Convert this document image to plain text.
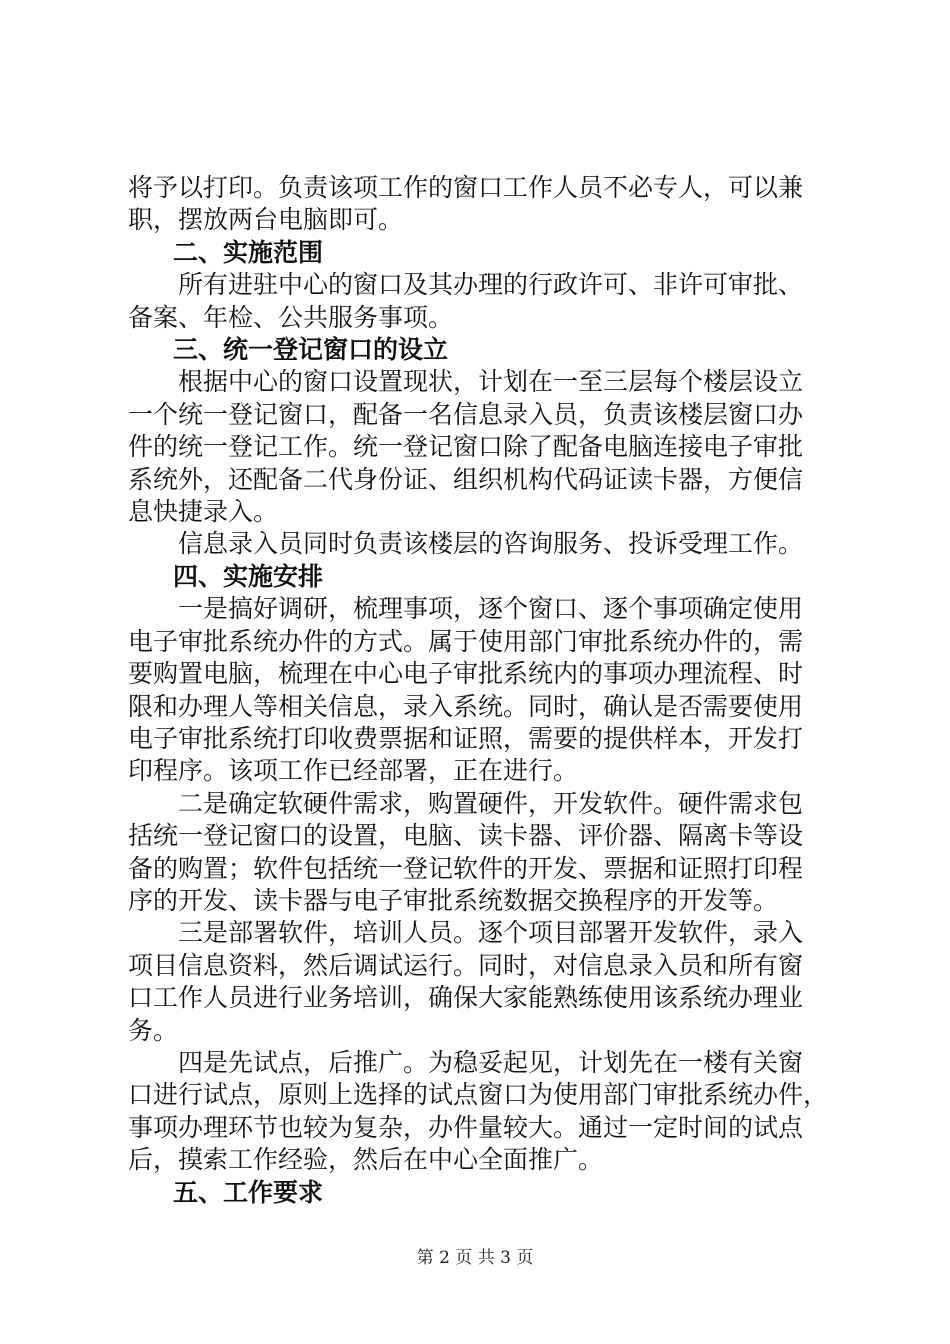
将予以打印。负责该项工作的窗口工作人员不必专人，可以兼
职，摆放两台电脑即可。

二、实施范围

所有进驻中心的窗口及其办理的行政许可、非许可审批、
备案、年检、公共服务事项。

三、统一登记窗口的设立

根据中心的窗口设置现状，计划在一至三层每个楼层设立
一个统一登记窗口，配备一名信息录入员，负责该楼层窗口办
件的统一登记工作。统一登记窗口除了配备电脑连接电子审批
系统外，还配备二代身份证、组织机构代码证读卡器，方便信
息快捷录入。

信息录入员同时负责该楼层的咨询服务、投诉受理工作。

四、实施安排

一是搞好调研，梳理事项，逐个窗口、逐个事项确定使用
电子审批系统办件的方式。属于使用部门审批系统办件的，需
要购置电脑，梳理在中心电子审批系统内的事项办理流程、时
限和办理人等相关信息，录入系统。同时，确认是否需要使用
电子审批系统打印收费票据和证照，需要的提供样本，开发打
印程序。该项工作已经部署，正在进行。

二是确定软硬件需求，购置硬件，开发软件。硬件需求包
括统一登记窗口的设置，电脑、读卡器、评价器、隔离卡等设
备的购置；软件包括统一登记软件的开发、票据和证照打印程
序的开发、读卡器与电子审批系统数据交换程序的开发等。

三是部署软件，培训人员。逐个项目部署开发软件，录入
项目信息资料，然后调试运行。同时，对信息录入员和所有窗
口工作人员进行业务培训，确保大家能熟练使用该系统办理业
务。

四是先试点，后推广。为稳妥起见，计划先在一楼有关窗
口进行试点，原则上选择的试点窗口为使用部门审批系统办件，
事项办理环节也较为复杂，办件量较大。通过一定时间的试点
后，摸索工作经验，然后在中心全面推广。

五、工作要求
第 2 页 共 3 页
